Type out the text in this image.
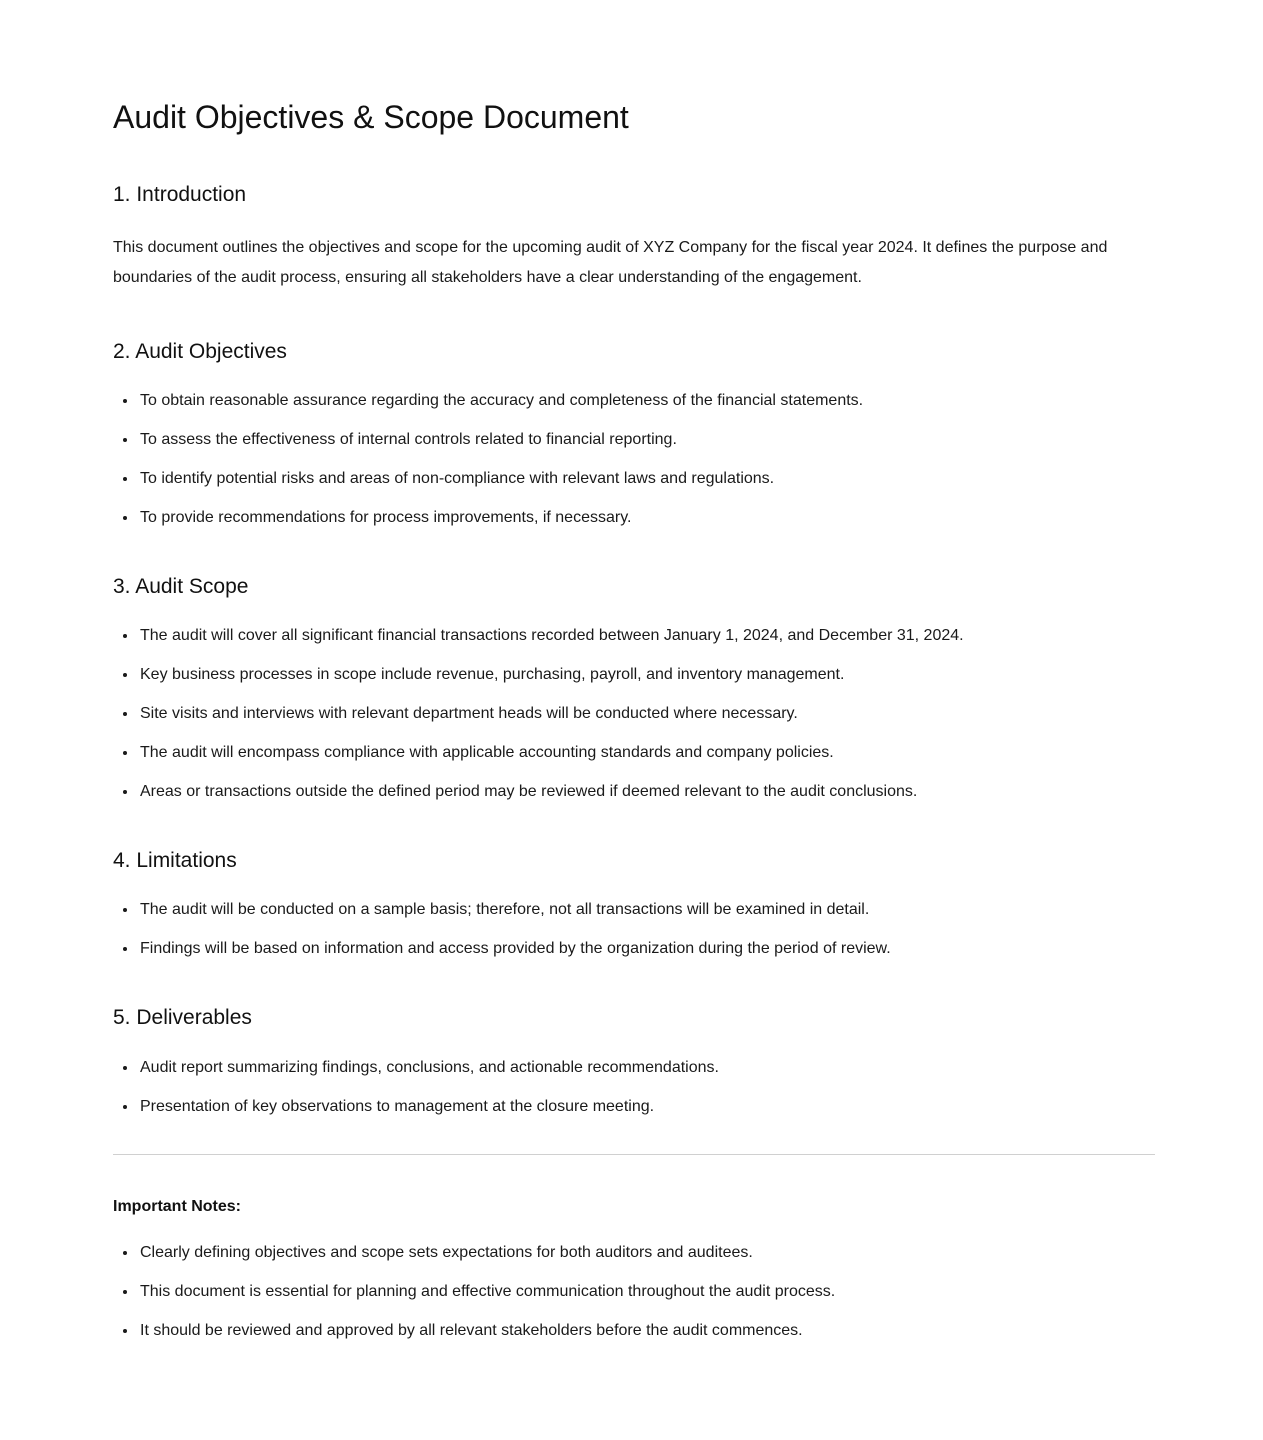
Audit Objectives & Scope Document
1. Introduction

This document outlines the objectives and scope for the upcoming audit of XYZ Company for the fiscal year 2024. It defines the purpose and boundaries of the audit process, ensuring all stakeholders have a clear understanding of the engagement.

2. Audit Objectives
• To obtain reasonable assurance regarding the accuracy and completeness of the financial statements.
• To assess the effectiveness of internal controls related to financial reporting.
• To identify potential risks and areas of non-compliance with relevant laws and regulations.
• To provide recommendations for process improvements, if necessary.
3. Audit Scope
• The audit will cover all significant financial transactions recorded between January 1, 2024, and December 31, 2024.
• Key business processes in scope include revenue, purchasing, payroll, and inventory management.
• Site visits and interviews with relevant department heads will be conducted where necessary.
• The audit will encompass compliance with applicable accounting standards and company policies.
• Areas or transactions outside the defined period may be reviewed if deemed relevant to the audit conclusions.
4. Limitations
• The audit will be conducted on a sample basis; therefore, not all transactions will be examined in detail.
• Findings will be based on information and access provided by the organization during the period of review.
5. Deliverables
• Audit report summarizing findings, conclusions, and actionable recommendations.
• Presentation of key observations to management at the closure meeting.

Important Notes:

• Clearly defining objectives and scope sets expectations for both auditors and auditees.
• This document is essential for planning and effective communication throughout the audit process.
• It should be reviewed and approved by all relevant stakeholders before the audit commences.
